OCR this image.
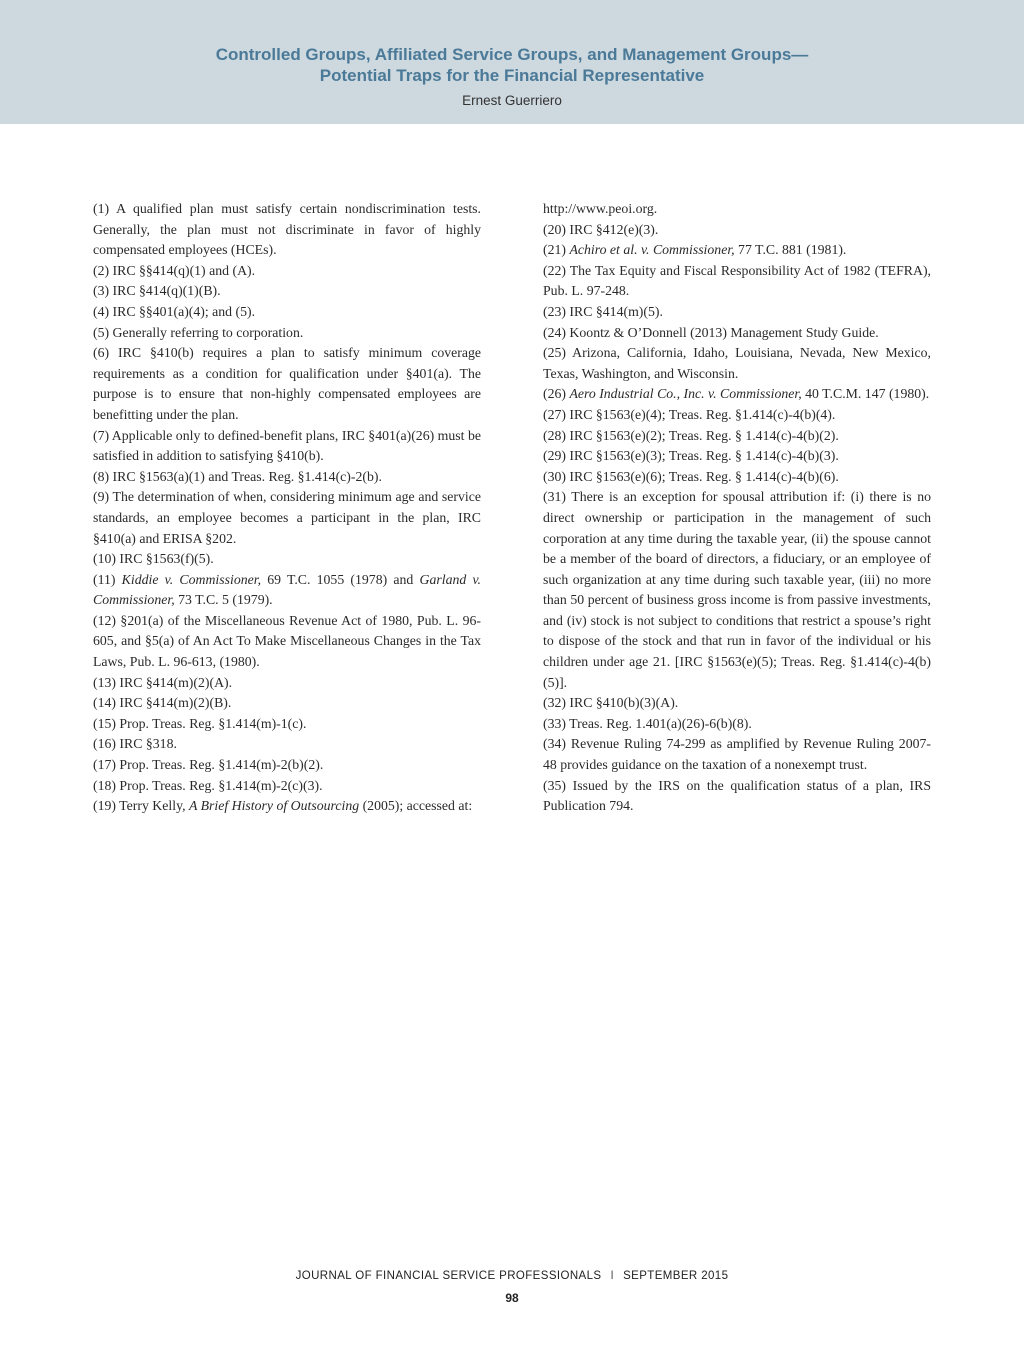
Controlled Groups, Affiliated Service Groups, and Management Groups—
Potential Traps for the Financial Representative
Ernest Guerriero

(1) A qualified plan must satisfy certain nondiscrimination tests. Generally, the plan must not discriminate in favor of highly compensated employees (HCEs).

(2) IRC §§414(q)(1) and (A).

(3) IRC §414(q)(1)(B).

(4) IRC §§401(a)(4); and (5).

(5) Generally referring to corporation.

(6) IRC §410(b) requires a plan to satisfy minimum coverage requirements as a condition for qualification under §401(a). The purpose is to ensure that non-highly compensated employees are benefitting under the plan.

(7) Applicable only to defined-benefit plans, IRC §401(a)(26) must be satisfied in addition to satisfying §410(b).

(8) IRC §1563(a)(1) and Treas. Reg. §1.414(c)-2(b).

(9) The determination of when, considering minimum age and service standards, an employee becomes a participant in the plan, IRC §410(a) and ERISA §202.

(10) IRC §1563(f)(5).

(11) Kiddie v. Commissioner, 69 T.C. 1055 (1978) and Garland v. Commissioner, 73 T.C. 5 (1979).

(12) §201(a) of the Miscellaneous Revenue Act of 1980, Pub. L. 96-605, and §5(a) of An Act To Make Miscellaneous Changes in the Tax Laws, Pub. L. 96-613, (1980).

(13) IRC §414(m)(2)(A).

(14) IRC §414(m)(2)(B).

(15) Prop. Treas. Reg. §1.414(m)-1(c).

(16) IRC §318.

(17) Prop. Treas. Reg. §1.414(m)-2(b)(2).

(18) Prop. Treas. Reg. §1.414(m)-2(c)(3).

(19) Terry Kelly, A Brief History of Outsourcing (2005); accessed at:

http://www.peoi.org.

(20) IRC §412(e)(3).

(21) Achiro et al. v. Commissioner, 77 T.C. 881 (1981).

(22) The Tax Equity and Fiscal Responsibility Act of 1982 (TEFRA), Pub. L. 97-248.

(23) IRC §414(m)(5).

(24) Koontz & O’Donnell (2013) Management Study Guide.

(25) Arizona, California, Idaho, Louisiana, Nevada, New Mexico, Texas, Washington, and Wisconsin.

(26) Aero Industrial Co., Inc. v. Commissioner, 40 T.C.M. 147 (1980).

(27) IRC §1563(e)(4); Treas. Reg. §1.414(c)-4(b)(4).

(28) IRC §1563(e)(2); Treas. Reg. § 1.414(c)-4(b)(2).

(29) IRC §1563(e)(3); Treas. Reg. § 1.414(c)-4(b)(3).

(30) IRC §1563(e)(6); Treas. Reg. § 1.414(c)-4(b)(6).

(31) There is an exception for spousal attribution if: (i) there is no direct ownership or participation in the management of such corporation at any time during the taxable year, (ii) the spouse cannot be a member of the board of directors, a fiduciary, or an employee of such organization at any time during such taxable year, (iii) no more than 50 percent of business gross income is from passive investments, and (iv) stock is not subject to conditions that restrict a spouse’s right to dispose of the stock and that run in favor of the individual or his children under age 21. [IRC §1563(e)(5); Treas. Reg. §1.414(c)-4(b)(5)].

(32) IRC §410(b)(3)(A).

(33) Treas. Reg. 1.401(a)(26)-6(b)(8).

(34) Revenue Ruling 74-299 as amplified by Revenue Ruling 2007-48 provides guidance on the taxation of a nonexempt trust.

(35) Issued by the IRS on the qualification status of a plan, IRS Publication 794.

JOURNAL OF FINANCIAL SERVICE PROFESSIONALS I SEPTEMBER 2015
98
